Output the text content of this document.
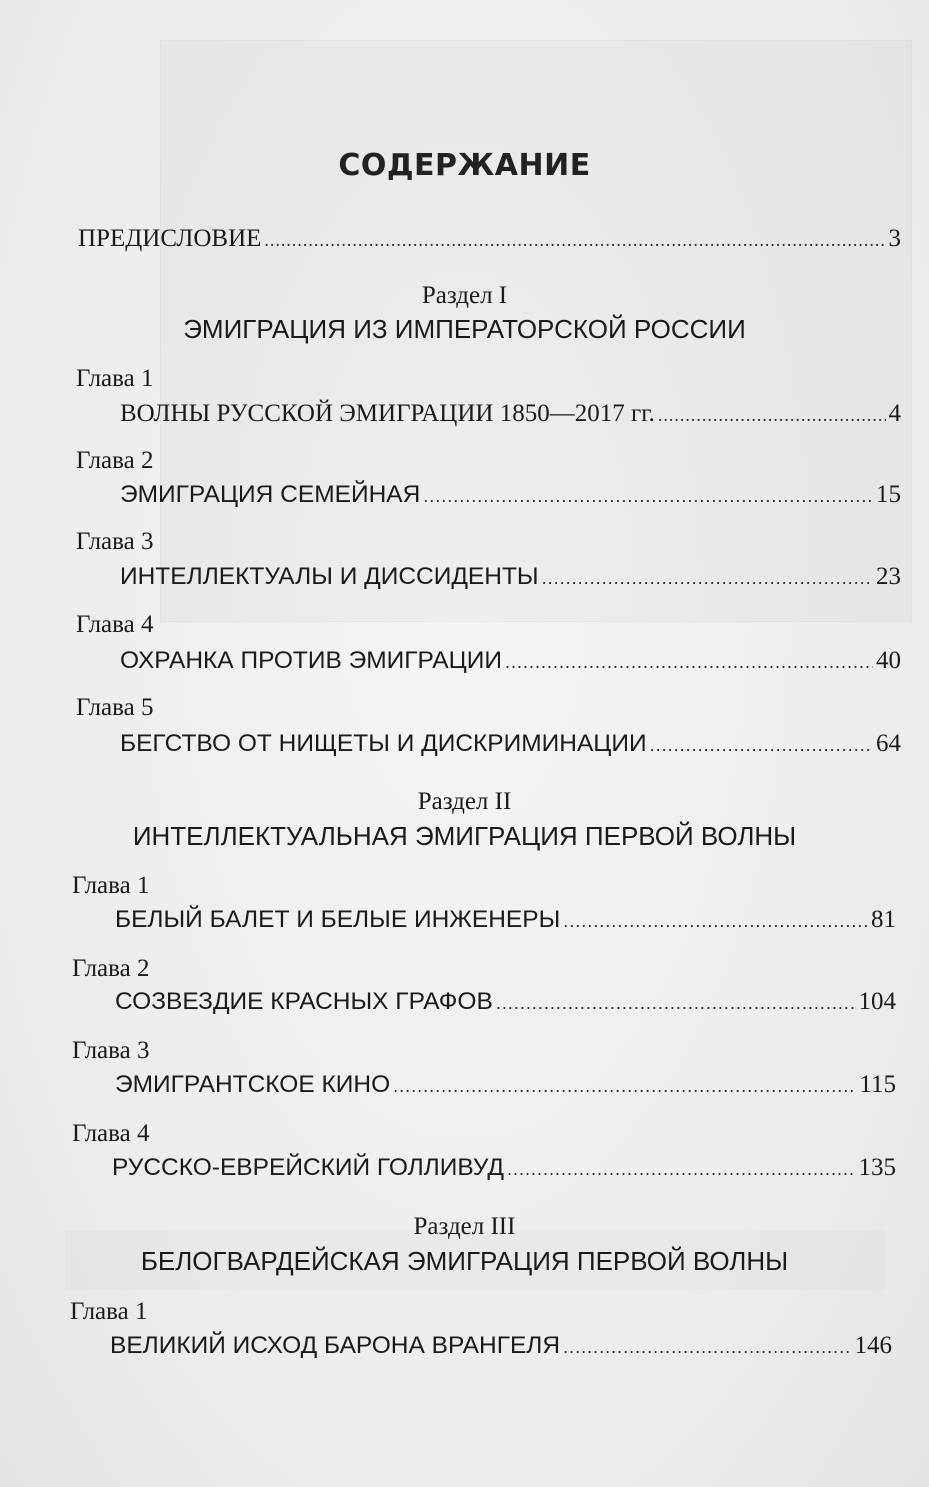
СОДЕРЖАНИЕ
ПРЕДИСЛОВИЕ .....	3
Раздел I
ЭМИГРАЦИЯ ИЗ ИМПЕРАТОРСКОЙ РОССИИ
Глава 1
ВОЛНЫ РУССКОЙ ЭМИГРАЦИИ 1850—2017 гг. .....	4
Глава 2
ЭМИГРАЦИЯ СЕМЕЙНАЯ .....	15
Глава 3
ИНТЕЛЛЕКТУАЛЫ И ДИССИДЕНТЫ .....	23
Глава 4
ОХРАНКА ПРОТИВ ЭМИГРАЦИИ .....	40
Глава 5
БЕГСТВО ОТ НИЩЕТЫ И ДИСКРИМИНАЦИИ .....	64
Раздел II
ИНТЕЛЛЕКТУАЛЬНАЯ ЭМИГРАЦИЯ ПЕРВОЙ ВОЛНЫ
Глава 1
БЕЛЫЙ БАЛЕТ И БЕЛЫЕ ИНЖЕНЕРЫ .....	81
Глава 2
СОЗВЕЗДИЕ КРАСНЫХ ГРАФОВ .....	104
Глава 3
ЭМИГРАНТСКОЕ КИНО .....	115
Глава 4
РУССКО-ЕВРЕЙСКИЙ ГОЛЛИВУД .....	135
Раздел III
БЕЛОГВАРДЕЙСКАЯ ЭМИГРАЦИЯ ПЕРВОЙ ВОЛНЫ
Глава 1
ВЕЛИКИЙ ИСХОД БАРОНА ВРАНГЕЛЯ .....	146
